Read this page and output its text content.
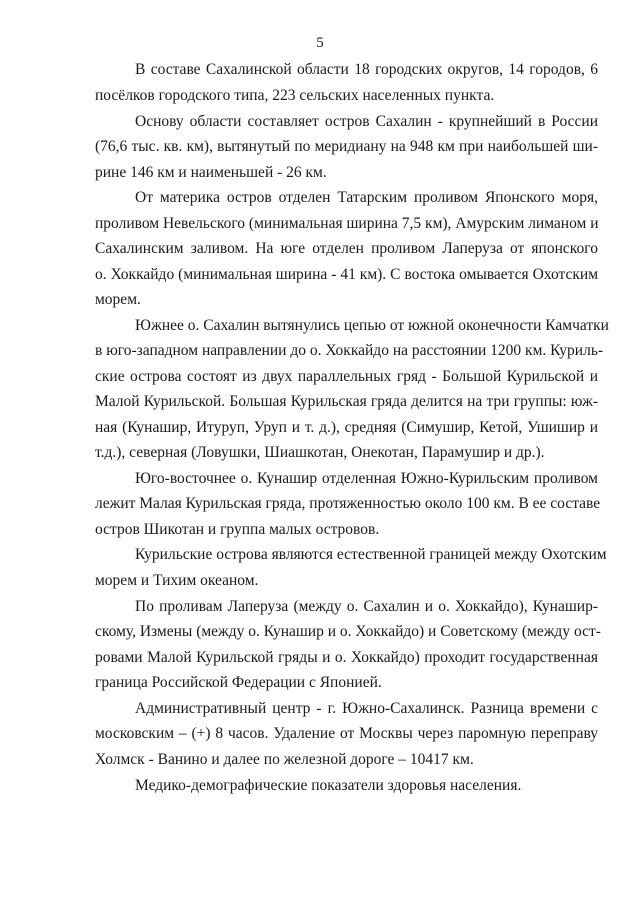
5
В составе Сахалинской области 18 городских округов, 14 городов, 6
посёлков городского типа, 223 сельских населенных пункта.
Основу области составляет остров Сахалин - крупнейший в России
(76,6 тыс. кв. км), вытянутый по меридиану на 948 км при наибольшей ши-
рине 146 км и наименьшей - 26 км.
От материка остров отделен Татарским проливом Японского моря,
проливом Невельского (минимальная ширина 7,5 км), Амурским лиманом и
Сахалинским заливом. На юге отделен проливом Лаперуза от японского
о. Хоккайдо (минимальная ширина - 41 км). С востока омывается Охотским
морем.
Южнее о. Сахалин вытянулись цепью от южной оконечности Камчатки
в юго-западном направлении до о. Хоккайдо на расстоянии 1200 км. Куриль-
ские острова состоят из двух параллельных гряд - Большой Курильской и
Малой Курильской. Большая Курильская гряда делится на три группы: юж-
ная (Кунашир, Итуруп, Уруп и т. д.), средняя (Симушир, Кетой, Ушишир и
т.д.), северная (Ловушки, Шиашкотан, Онекотан, Парамушир и др.).
Юго-восточнее о. Кунашир отделенная Южно-Курильским проливом
лежит Малая Курильская гряда, протяженностью около 100 км. В ее составе
остров Шикотан и группа малых островов.
Курильские острова являются естественной границей между Охотским
морем и Тихим океаном.
По проливам Лаперуза (между о. Сахалин и о. Хоккайдо), Кунашир-
скому, Измены (между о. Кунашир и о. Хоккайдо) и Советскому (между ост-
ровами Малой Курильской гряды и о. Хоккайдо) проходит государственная
граница Российской Федерации с Японией.
Административный центр - г. Южно-Сахалинск. Разница времени с
московским – (+) 8 часов. Удаление от Москвы через паромную переправу
Холмск - Ванино и далее по железной дороге – 10417 км.
Медико-демографические показатели здоровья населения.
